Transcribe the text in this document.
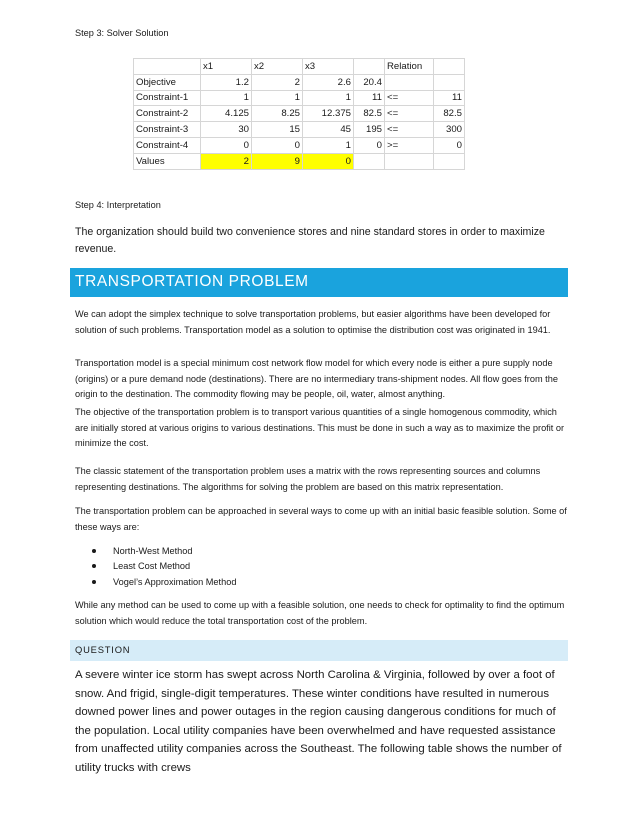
Step 3: Solver Solution

	x1	x2	x3		Relation	
Objective	1.2	2	2.6	20.4		
Constraint-1	1	1	1	11	<=	11
Constraint-2	4.125	8.25	12.375	82.5	<=	82.5
Constraint-3	30	15	45	195	<=	300
Constraint-4	0	0	1	0	>=	0
Values	2	9	0			

Step 4: Interpretation

The organization should build two convenience stores and nine standard stores in order to maximize revenue.

TRANSPORTATION PROBLEM

We can adopt the simplex technique to solve transportation problems, but easier algorithms have been developed for solution of such problems. Transportation model as a solution to optimise the distribution cost was originated in 1941.

Transportation model is a special minimum cost network flow model for which every node is either a pure supply node (origins) or a pure demand node (destinations). There are no intermediary trans-shipment nodes. All flow goes from the origin to the destination. The commodity flowing may be people, oil, water, almost anything.

The objective of the transportation problem is to transport various quantities of a single homogenous commodity, which are initially stored at various origins to various destinations. This must be done in such a way as to maximize the profit or minimize the cost.

The classic statement of the transportation problem uses a matrix with the rows representing sources and columns representing destinations. The algorithms for solving the problem are based on this matrix representation.

The transportation problem can be approached in several ways to come up with an initial basic feasible solution. Some of these ways are:

North-West Method
Least Cost Method
Vogel’s Approximation Method

While any method can be used to come up with a feasible solution, one needs to check for optimality to find the optimum solution which would reduce the total transportation cost of the problem.

QUESTION

A severe winter ice storm has swept across North Carolina & Virginia, followed by over a foot of snow. And frigid, single-digit temperatures. These winter conditions have resulted in numerous downed power lines and power outages in the region causing dangerous conditions for much of the population. Local utility companies have been overwhelmed and have requested assistance from unaffected utility companies across the Southeast. The following table shows the number of utility trucks with crews
